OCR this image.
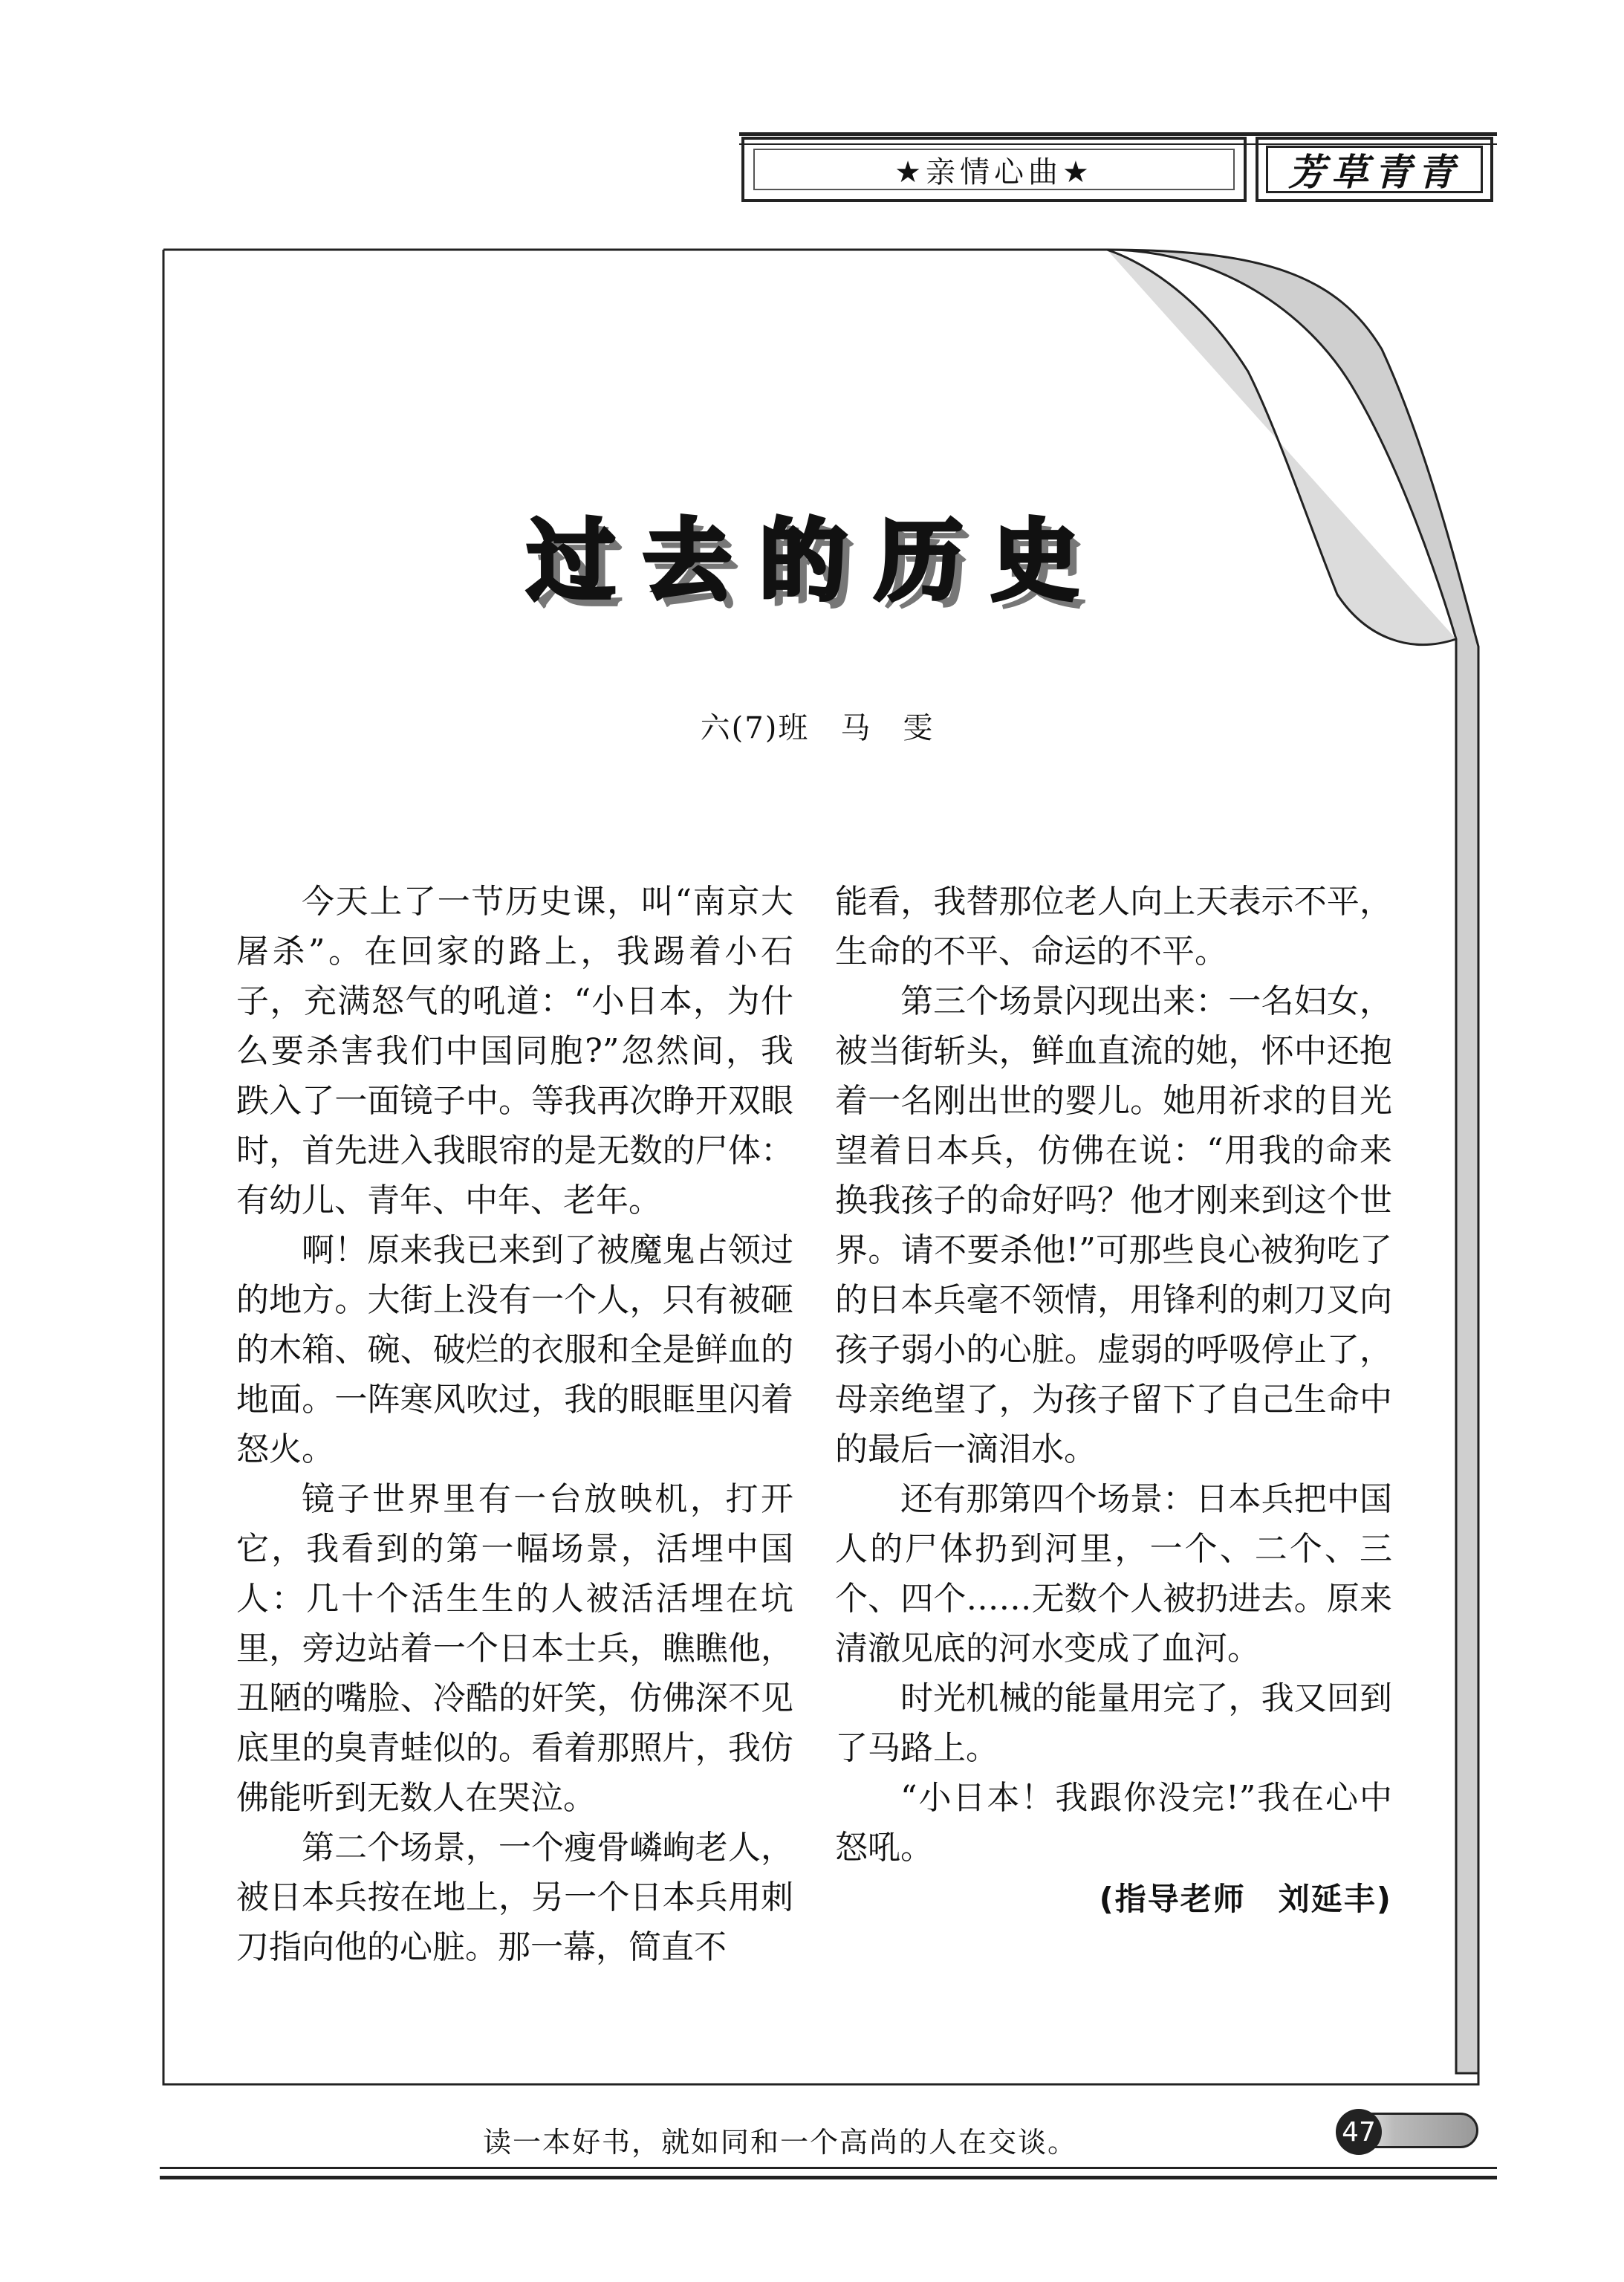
★亲情心曲★	芳草青青
过去的历史
六(7)班　马　雯

今天上了一节历史课，叫“南京大屠杀”。在回家的路上，我踢着小石子，充满怒气的吼道：“小日本，为什么要杀害我们中国同胞?”忽然间，我跌入了一面镜子中。等我再次睁开双眼时，首先进入我眼帘的是无数的尸体：有幼儿、青年、中年、老年。

啊！原来我已来到了被魔鬼占领过的地方。大街上没有一个人，只有被砸的木箱、碗、破烂的衣服和全是鲜血的地面。一阵寒风吹过，我的眼眶里闪着怒火。

镜子世界里有一台放映机，打开它，我看到的第一幅场景，活埋中国人：几十个活生生的人被活活埋在坑里，旁边站着一个日本士兵，瞧瞧他，丑陋的嘴脸、冷酷的奸笑，仿佛深不见底里的臭青蛙似的。看着那照片，我仿佛能听到无数人在哭泣。

第二个场景，一个瘦骨嶙峋老人，被日本兵按在地上，另一个日本兵用刺刀指向他的心脏。那一幕，简直不

能看，我替那位老人向上天表示不平，生命的不平、命运的不平。

第三个场景闪现出来：一名妇女，被当街斩头，鲜血直流的她，怀中还抱着一名刚出世的婴儿。她用祈求的目光望着日本兵，仿佛在说：“用我的命来换我孩子的命好吗？他才刚来到这个世界。请不要杀他!”可那些良心被狗吃了的日本兵毫不领情，用锋利的刺刀叉向孩子弱小的心脏。虚弱的呼吸停止了，母亲绝望了，为孩子留下了自己生命中的最后一滴泪水。

还有那第四个场景：日本兵把中国人的尸体扔到河里，一个、二个、三个、四个……无数个人被扔进去。原来清澈见底的河水变成了血河。

时光机械的能量用完了，我又回到了马路上。

“小日本！我跟你没完!”我在心中怒吼。

(指导老师　刘延丰)
读一本好书，就如同和一个高尚的人在交谈。	47
